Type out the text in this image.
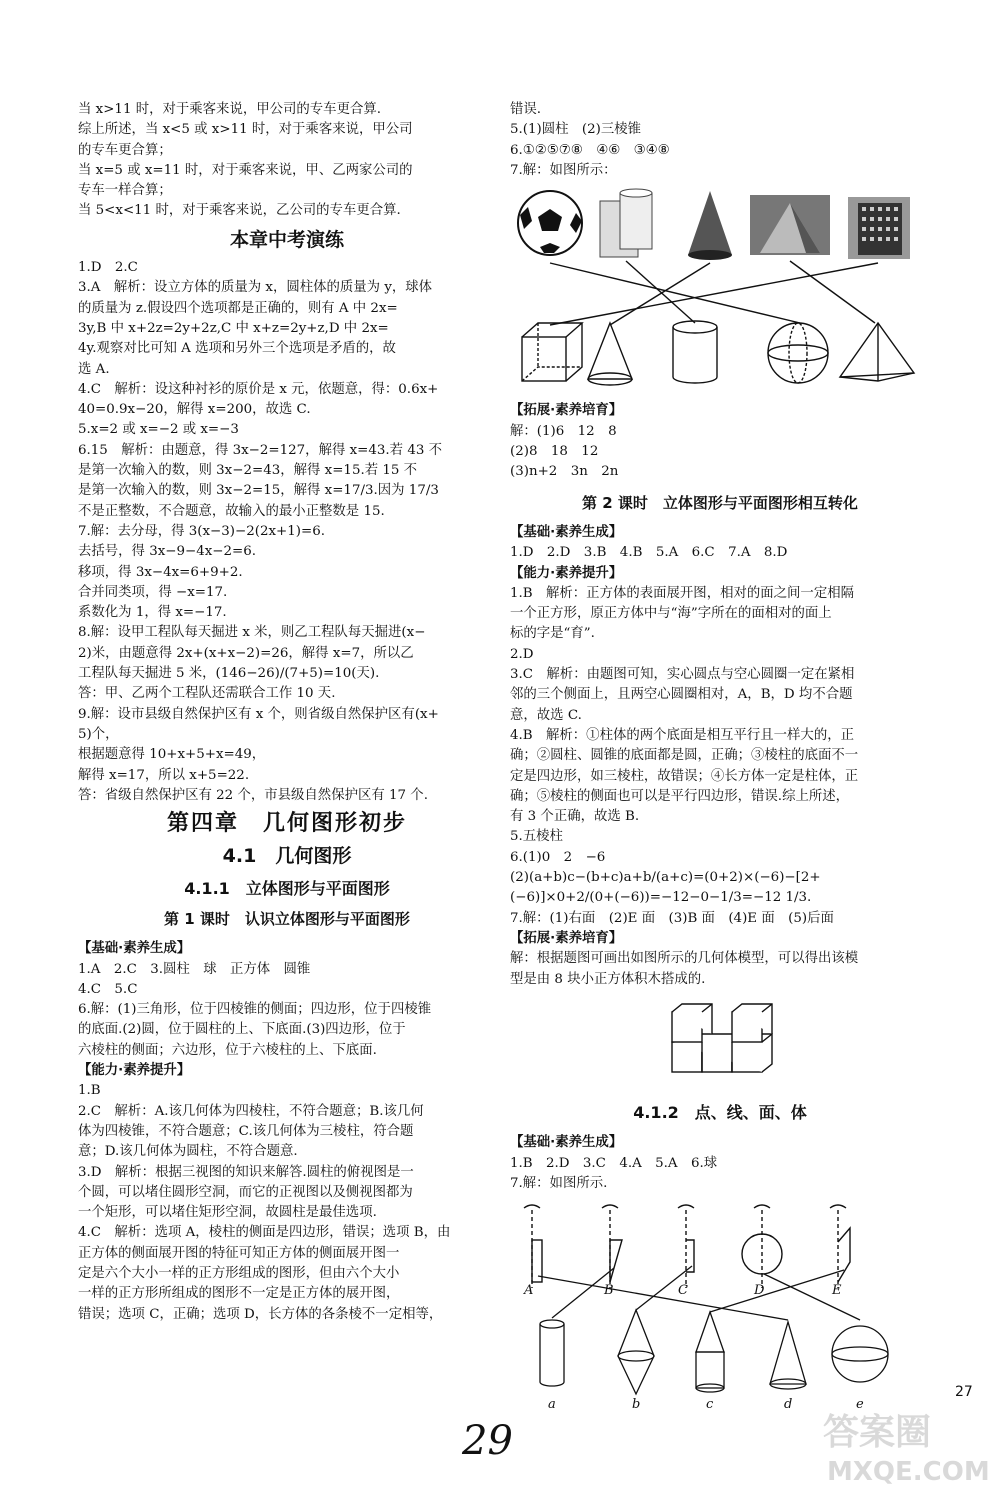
当 x>11 时，对于乘客来说，甲公司的专车更合算.
综上所述，当 x<5 或 x>11 时，对于乘客来说，甲公司
的专车更合算；
当 x=5 或 x=11 时，对于乘客来说，甲、乙两家公司的
专车一样合算；
当 5<x<11 时，对于乘客来说，乙公司的专车更合算.
本章中考演练
1.D　2.C
3.A　解析：设立方体的质量为 x，圆柱体的质量为 y，球体
的质量为 z.假设四个选项都是正确的，则有 A 中 2x=
3y,B 中 x+2z=2y+2z,C 中 x+z=2y+z,D 中 2x=
4y.观察对比可知 A 选项和另外三个选项是矛盾的，故
选 A.
4.C　解析：设这种衬衫的原价是 x 元，依题意，得：0.6x+
40=0.9x−20，解得 x=200，故选 C.
5.x=2 或 x=−2 或 x=−3
6.15　解析：由题意，得 3x−2=127，解得 x=43.若 43 不
是第一次输入的数，则 3x−2=43，解得 x=15.若 15 不
是第一次输入的数，则 3x−2=15，解得 x=17/3.因为 17/3
不是正整数，不合题意，故输入的最小正整数是 15.
7.解：去分母，得 3(x−3)−2(2x+1)=6.
去括号，得 3x−9−4x−2=6.
移项，得 3x−4x=6+9+2.
合并同类项，得 −x=17.
系数化为 1，得 x=−17.
8.解：设甲工程队每天掘进 x 米，则乙工程队每天掘进(x−
2)米，由题意得 2x+(x+x−2)=26，解得 x=7，所以乙
工程队每天掘进 5 米，(146−26)/(7+5)=10(天).
答：甲、乙两个工程队还需联合工作 10 天.
9.解：设市县级自然保护区有 x 个，则省级自然保护区有(x+
5)个，
根据题意得 10+x+5+x=49，
解得 x=17，所以 x+5=22.
答：省级自然保护区有 22 个，市县级自然保护区有 17 个.
第四章　几何图形初步
4.1　几何图形
4.1.1　立体图形与平面图形
第 1 课时　认识立体图形与平面图形
【基础·素养生成】
1.A　2.C　3.圆柱　球　正方体　圆锥
4.C　5.C
6.解：(1)三角形，位于四棱锥的侧面；四边形，位于四棱锥
的底面.(2)圆，位于圆柱的上、下底面.(3)四边形，位于
六棱柱的侧面；六边形，位于六棱柱的上、下底面.
【能力·素养提升】
1.B
2.C　解析：A.该几何体为四棱柱，不符合题意；B.该几何
体为四棱锥，不符合题意；C.该几何体为三棱柱，符合题
意；D.该几何体为圆柱，不符合题意.
3.D　解析：根据三视图的知识来解答.圆柱的俯视图是一
个圆，可以堵住圆形空洞，而它的正视图以及侧视图都为
一个矩形，可以堵住矩形空洞，故圆柱是最佳选项.
4.C　解析：选项 A，棱柱的侧面是四边形，错误；选项 B，由
正方体的侧面展开图的特征可知正方体的侧面展开图一
定是六个大小一样的正方形组成的图形，但由六个大小
一样的正方形所组成的图形不一定是正方体的展开图，
错误；选项 C，正确；选项 D，长方体的各条棱不一定相等，
错误.
5.(1)圆柱　(2)三棱锥
6.①②⑤⑦⑧　④⑥　③④⑧
7.解：如图所示：
【拓展·素养培育】
解：(1)6　12　8
(2)8　18　12
(3)n+2　3n　2n
第 2 课时　立体图形与平面图形相互转化
【基础·素养生成】
1.D　2.D　3.B　4.B　5.A　6.C　7.A　8.D
【能力·素养提升】
1.B　解析：正方体的表面展开图，相对的面之间一定相隔
一个正方形，原正方体中与“海”字所在的面相对的面上
标的字是“育”.
2.D
3.C　解析：由题图可知，实心圆点与空心圆圈一定在紧相
邻的三个侧面上，且两空心圆圈相对，A，B，D 均不合题
意，故选 C.
4.B　解析：①柱体的两个底面是相互平行且一样大的，正
确；②圆柱、圆锥的底面都是圆，正确；③棱柱的底面不一
定是四边形，如三棱柱，故错误；④长方体一定是柱体，正
确；⑤棱柱的侧面也可以是平行四边形，错误.综上所述，
有 3 个正确，故选 B.
5.五棱柱
6.(1)0　2　−6
(2)(a+b)c−(b+c)a+b/(a+c)=(0+2)×(−6)−[2+
(−6)]×0+2/(0+(−6))=−12−0−1/3=−12 1/3.
7.解：(1)右面　(2)E 面　(3)B 面　(4)E 面　(5)后面
【拓展·素养培育】
解：根据题图可画出如图所示的几何体模型，可以得出该模
型是由 8 块小正方体积木搭成的.
4.1.2　点、线、面、体
【基础·素养生成】
1.B　2.D　3.C　4.A　5.A　6.球
7.解：如图所示.
A	B	C	D	E
a	b	c	d	e
29
27
答案圈
MXQE.COM
